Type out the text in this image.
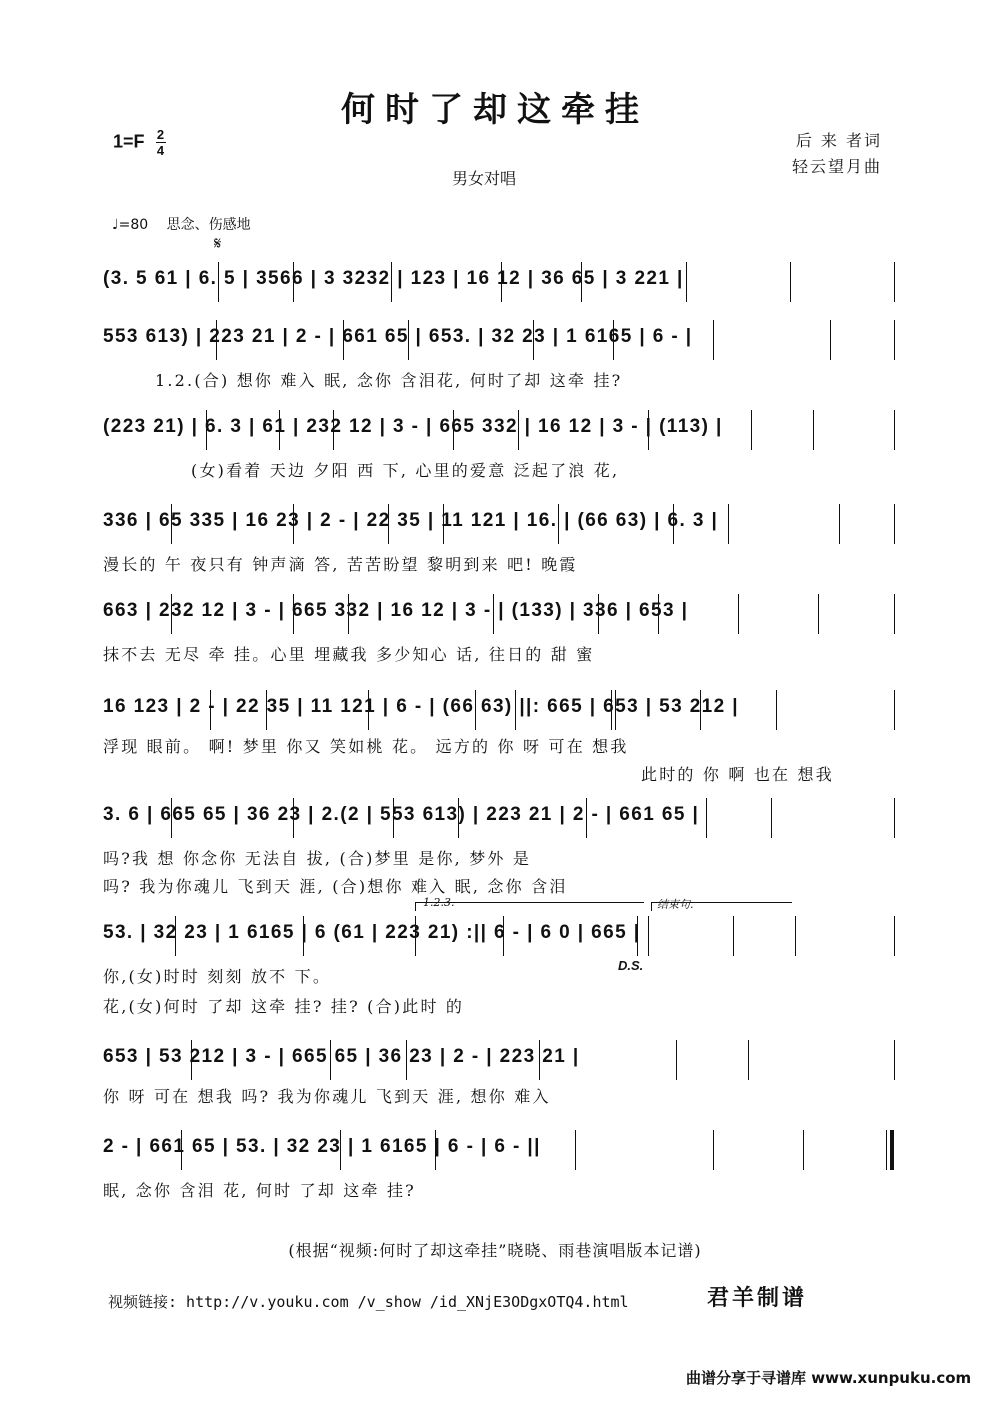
何时了却这牵挂
$1=F \frac{2}{4}$	后 来 者词
轻云望月曲
男女对唱
♩=80　 思念、伤感地
𝄋
(3. 5 61 | 6. 5 | 3566 | 3 3232 | 123 | 16 12 | 36 65 | 3 221 |
553 613) | 223 21 | 2 - | 661 65 | 653. | 32 23 | 1 6165 | 6 - |
1.2.(合) 想你 难入 眠, 念你 含泪花, 何时了却 这牵 挂?
(223 21) | 6. 3 | 61 | 232 12 | 3 - | 665 332 | 16 12 | 3 - | (113) |
(女)看着 天边 夕阳 西 下, 心里的爱意 泛起了浪 花,
336 | 65 335 | 16 23 | 2 - | 22 35 | 11 121 | 16. | (66 63) | 6. 3 |
漫长的 午 夜只有 钟声滴 答, 苦苦盼望 黎明到来 吧! 晚霞
663 | 232 12 | 3 - | 665 332 | 16 12 | 3 - | (133) | 336 | 653 |
抹不去 无尽 牵 挂。心里 埋藏我 多少知心 话, 往日的 甜 蜜
16 123 | 2 - | 22 35 | 11 121 | 6 - | (66 63) ||: 665 | 653 | 53 212 |
浮现 眼前。 啊! 梦里 你又 笑如桃 花。 远方的 你 呀 可在 想我
此时的 你 啊 也在 想我
3. 6 | 665 65 | 36 23 | 2.(2 | 553 613) | 223 21 | 2 - | 661 65 |
吗?我 想 你念你 无法自 拔, (合)梦里 是你, 梦外 是
吗? 我为你魂儿 飞到天 涯, (合)想你 难入 眠, 念你 含泪
1.2.3.	结束句.
53. | 32 23 | 1 6165 | 6 (61 | 223 21) :|| 6 - | 6 0 | 665 |
你,(女)时时 刻刻 放不 下。
花,(女)何时 了却 这牵 挂? 挂? (合)此时 的
D.S.
653 | 53 212 | 3 - | 665 65 | 36 23 | 2 - | 223 21 |
你 呀 可在 想我 吗? 我为你魂儿 飞到天 涯, 想你 难入
2 - | 661 65 | 53. | 32 23 | 1 6165 | 6 - | 6 - ||
眠, 念你 含泪 花, 何时 了却 这牵 挂?
(根据“视频:何时了却这牵挂”晓晓、雨巷演唱版本记谱)
视频链接: http://v.youku.com /v_show /id_XNjE3ODgxOTQ4.html	君羊制谱
曲谱分享于寻谱库 www.xunpuku.com
